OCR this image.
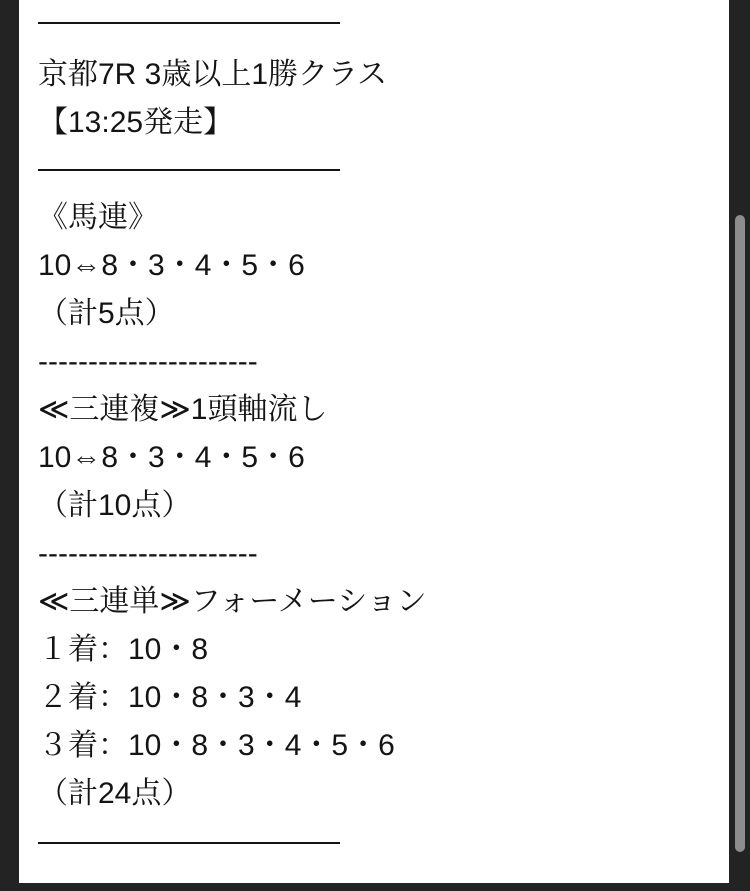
京都7R 3歳以上1勝クラス
【13:25発走】
《馬連》
10⇔8・3・4・5・6
（計5点）
----------------------
≪三連複≫1頭軸流し
10⇔8・3・4・5・6
（計10点）
----------------------
≪三連単≫フォーメーション
１着：10・8
２着：10・8・3・4
３着：10・8・3・4・5・6
（計24点）
